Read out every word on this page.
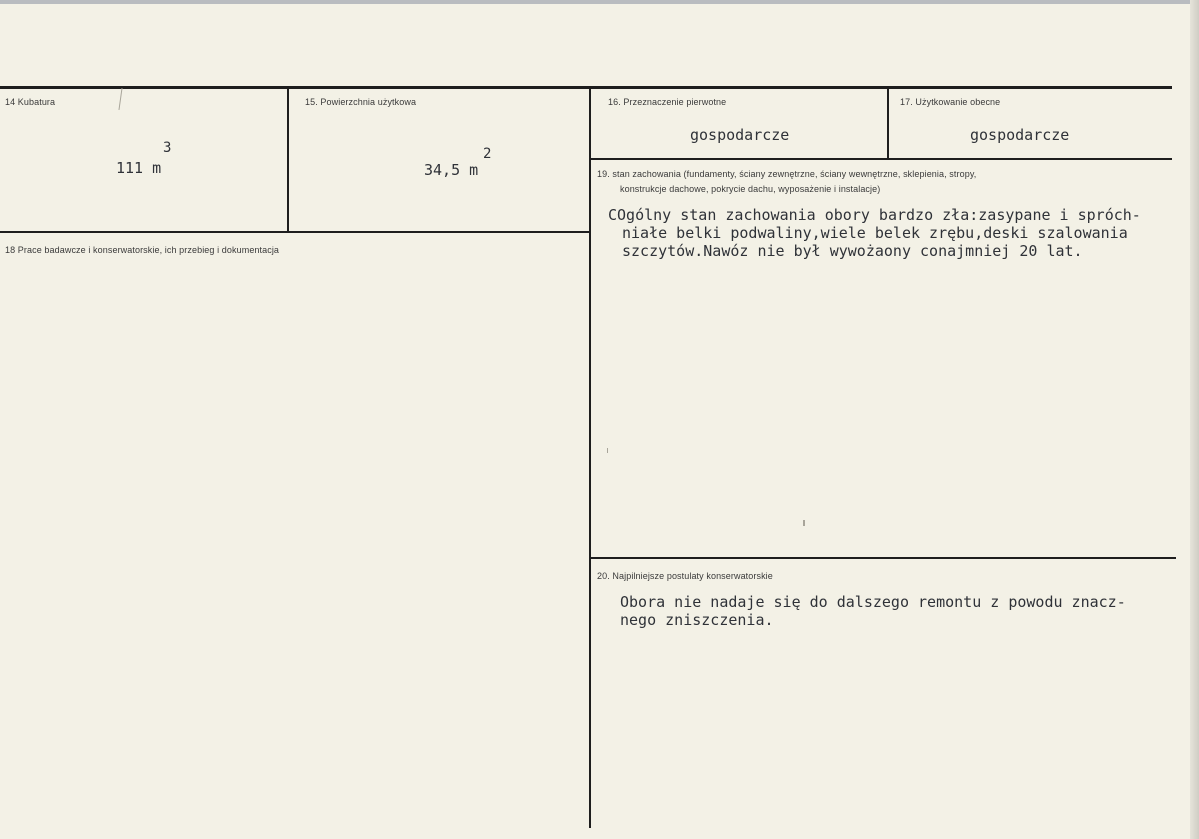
14 Kubatura
111 m
3
15. Powierzchnia użytkowa
34,5 m
2
16. Przeznaczenie pierwotne
gospodarcze
17. Użytkowanie obecne
gospodarcze
18 Prace badawcze i konserwatorskie, ich przebieg i dokumentacja
19. stan zachowania (fundamenty, ściany zewnętrzne, ściany wewnętrzne, sklepienia, stropy,
konstrukcje dachowe, pokrycie dachu, wyposażenie i instalacje)
COgólny stan zachowania obory bardzo zła:zasypane i spróch-
niałe belki podwaliny,wiele belek zrębu,deski szalowania
szczytów.Nawóz nie był wywożaony conajmniej 20 lat.
20. Najpilniejsze postulaty konserwatorskie
Obora nie nadaje się do dalszego remontu z powodu znacz-
nego zniszczenia.
